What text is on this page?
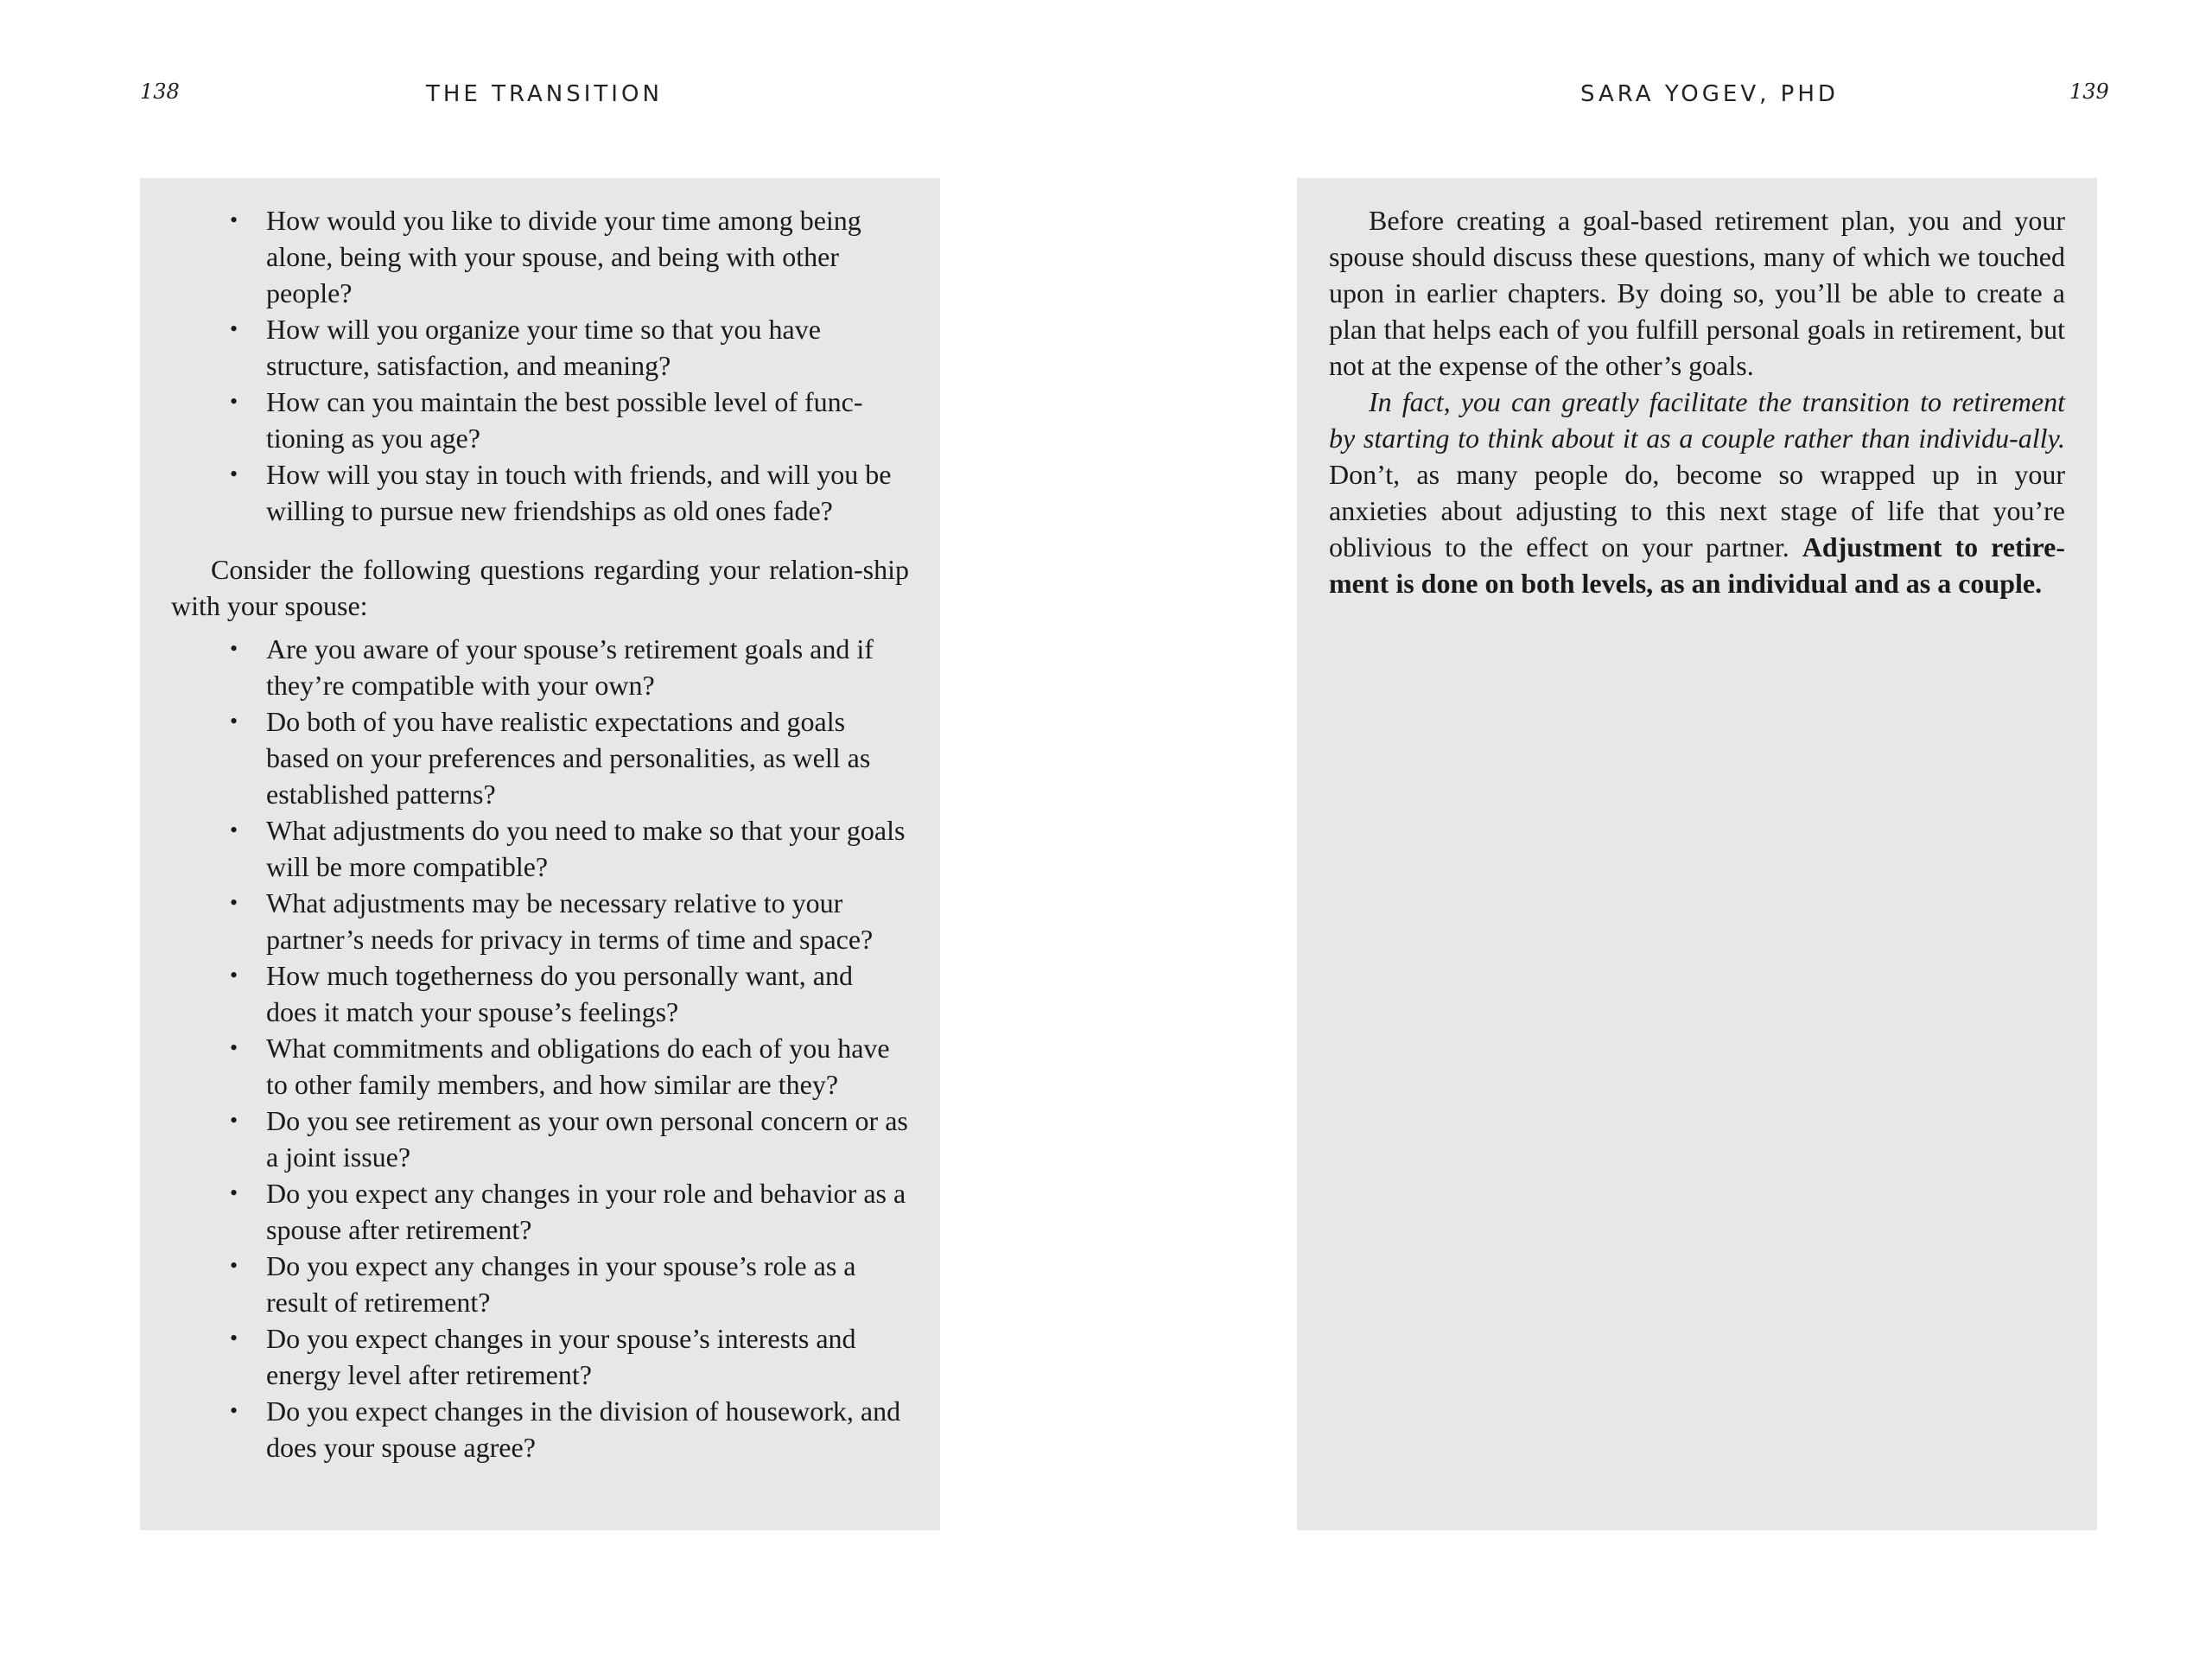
138	THE TRANSITION
• How would you like to divide your time among being alone, being with your spouse, and being with other people?
• How will you organize your time so that you have structure, satisfaction, and meaning?
• How can you maintain the best possible level of func-tioning as you age?
• How will you stay in touch with friends, and will you be willing to pursue new friendships as old ones fade?

Consider the following questions regarding your relation-ship with your spouse:

• Are you aware of your spouse’s retirement goals and if they’re compatible with your own?
• Do both of you have realistic expectations and goals based on your preferences and personalities, as well as established patterns?
• What adjustments do you need to make so that your goals will be more compatible?
• What adjustments may be necessary relative to your partner’s needs for privacy in terms of time and space?
• How much togetherness do you personally want, and does it match your spouse’s feelings?
• What commitments and obligations do each of you have to other family members, and how similar are they?
• Do you see retirement as your own personal concern or as a joint issue?
• Do you expect any changes in your role and behavior as a spouse after retirement?
• Do you expect any changes in your spouse’s role as a result of retirement?
• Do you expect changes in your spouse’s interests and energy level after retirement?
• Do you expect changes in the division of housework, and does your spouse agree?
SARA YOGEV, PHD	139

Before creating a goal-based retirement plan, you and your spouse should discuss these questions, many of which we touched upon in earlier chapters. By doing so, you’ll be able to create a plan that helps each of you fulfill personal goals in retirement, but not at the expense of the other’s goals.

In fact, you can greatly facilitate the transition to retirement by starting to think about it as a couple rather than individu-ally. Don’t, as many people do, become so wrapped up in your anxieties about adjusting to this next stage of life that you’re oblivious to the effect on your partner. Adjustment to retire-ment is done on both levels, as an individual and as a couple.
